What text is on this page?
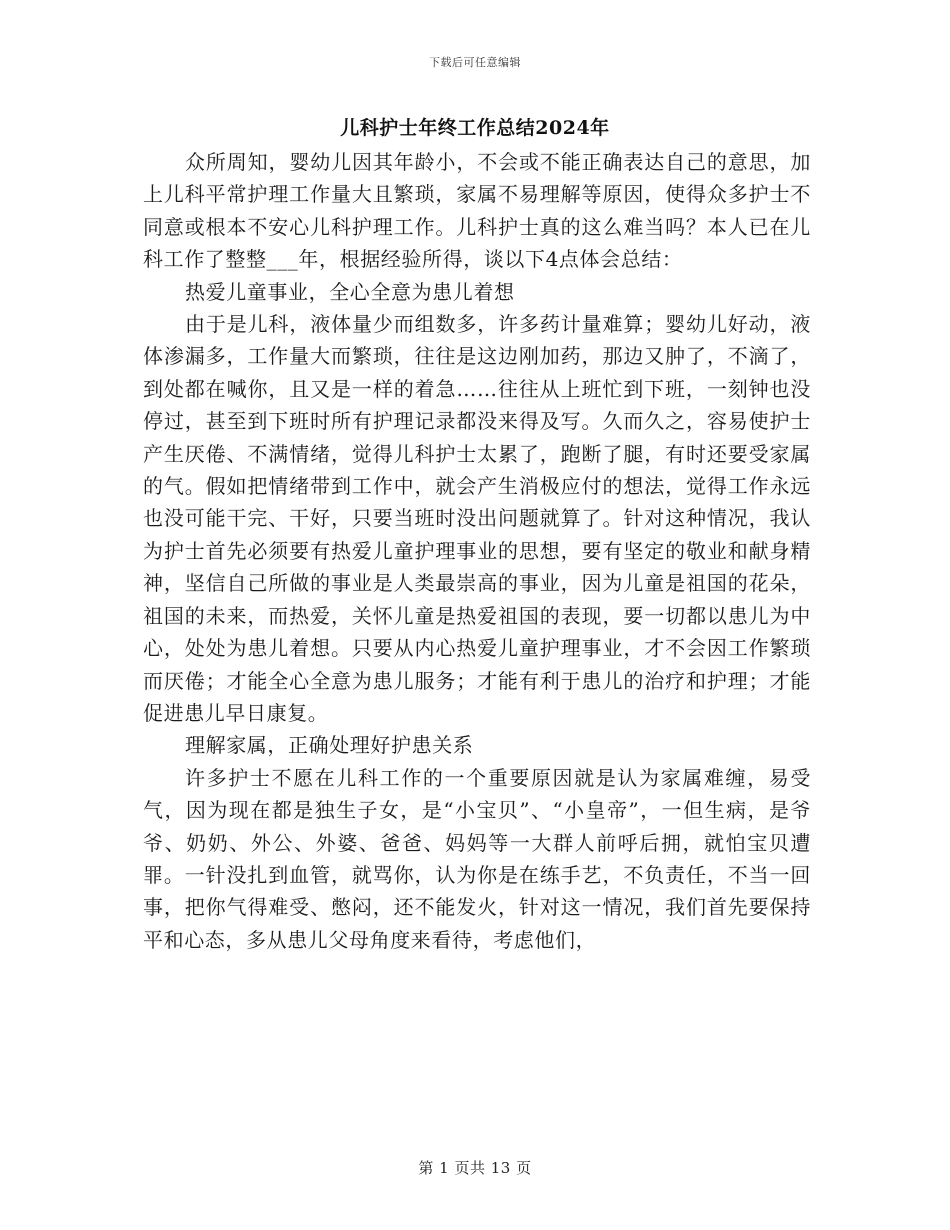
下载后可任意编辑
儿科护士年终工作总结2024年

众所周知，婴幼儿因其年龄小，不会或不能正确表达自己的意思，加上儿科平常护理工作量大且繁琐，家属不易理解等原因，使得众多护士不同意或根本不安心儿科护理工作。儿科护士真的这么难当吗？本人已在儿科工作了整整___年，根据经验所得，谈以下4点体会总结：

热爱儿童事业，全心全意为患儿着想

由于是儿科，液体量少而组数多，许多药计量难算；婴幼儿好动，液体渗漏多，工作量大而繁琐，往往是这边刚加药，那边又肿了，不滴了，到处都在喊你，且又是一样的着急……往往从上班忙到下班，一刻钟也没停过，甚至到下班时所有护理记录都没来得及写。久而久之，容易使护士产生厌倦、不满情绪，觉得儿科护士太累了，跑断了腿，有时还要受家属的气。假如把情绪带到工作中，就会产生消极应付的想法，觉得工作永远也没可能干完、干好，只要当班时没出问题就算了。针对这种情况，我认为护士首先必须要有热爱儿童护理事业的思想，要有坚定的敬业和献身精神，坚信自己所做的事业是人类最崇高的事业，因为儿童是祖国的花朵，祖国的未来，而热爱，关怀儿童是热爱祖国的表现，要一切都以患儿为中心，处处为患儿着想。只要从内心热爱儿童护理事业，才不会因工作繁琐而厌倦；才能全心全意为患儿服务；才能有利于患儿的治疗和护理；才能促进患儿早日康复。

理解家属，正确处理好护患关系

许多护士不愿在儿科工作的一个重要原因就是认为家属难缠，易受气，因为现在都是独生子女，是“小宝贝”、“小皇帝”，一但生病，是爷爷、奶奶、外公、外婆、爸爸、妈妈等一大群人前呼后拥，就怕宝贝遭罪。一针没扎到血管，就骂你，认为你是在练手艺，不负责任，不当一回事，把你气得难受、憋闷，还不能发火，针对这一情况，我们首先要保持平和心态，多从患儿父母角度来看待，考虑他们，

第 1 页共 13 页
